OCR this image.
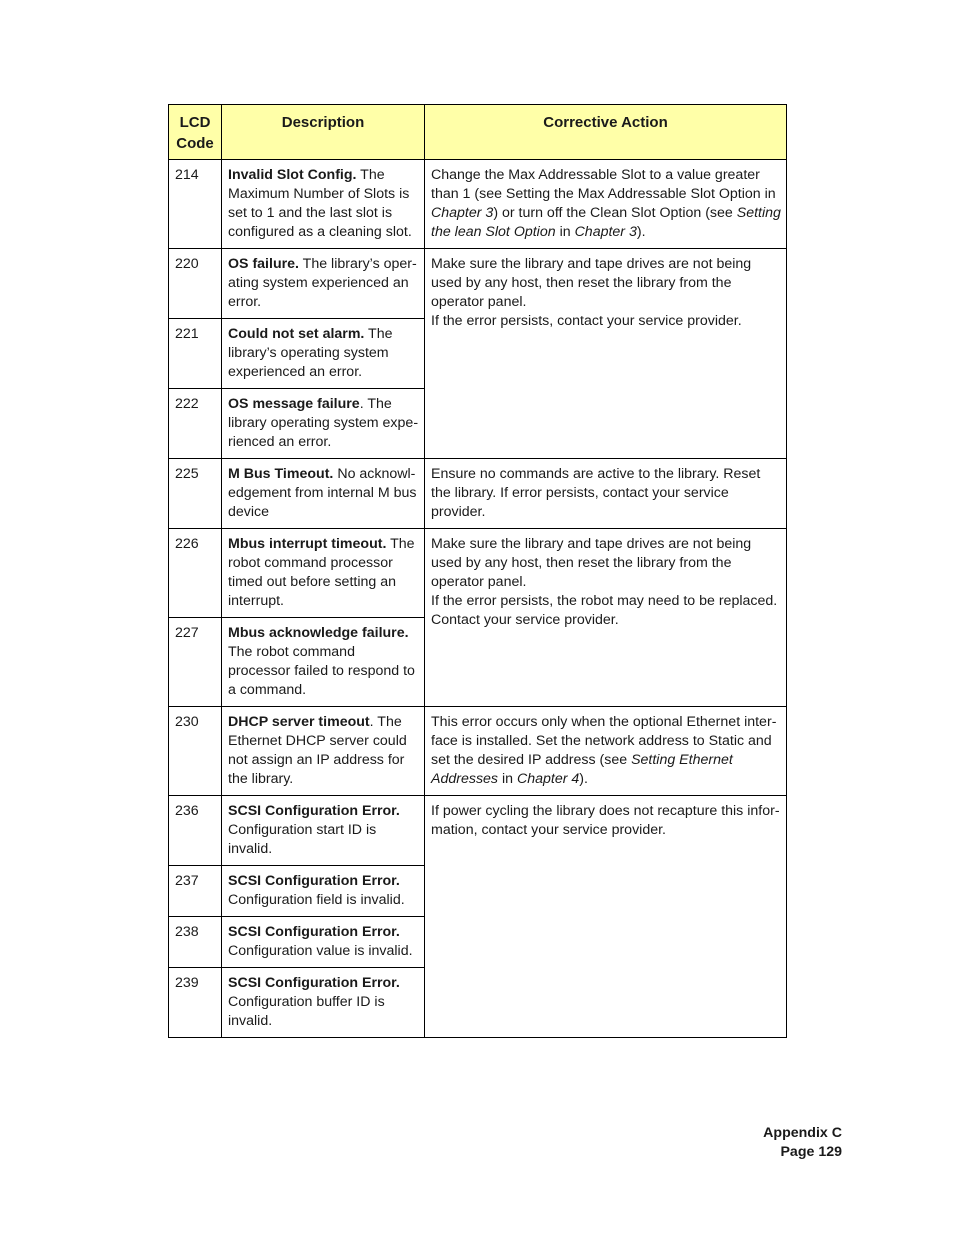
LCD
Code	Description	Corrective Action
214	Invalid Slot Config. The Maximum Number of Slots is set to 1 and the last slot is configured as a cleaning slot.	Change the Max Addressable Slot to a value greater than 1 (see Setting the Max Addressable Slot Option in Chapter 3) or turn off the Clean Slot Option (see Setting the lean Slot Option in Chapter 3).
220	OS failure. The library’s operating system experienced an error.	Make sure the library and tape drives are not being used by any host, then reset the library from the operator panel.
If the error persists, contact your service provider.

221	Could not set alarm. The library’s operating system experienced an error.	
222	OS message failure. The library operating system experienced an error.	
225	M Bus Timeout. No acknowledgement from internal M bus device	Ensure no commands are active to the library. Reset the library. If error persists, contact your service provider.
226	Mbus interrupt timeout. The robot command processor timed out before setting an interrupt.	Make sure the library and tape drives are not being used by any host, then reset the library from the operator panel.
If the error persists, the robot may need to be replaced. Contact your service provider.

227	Mbus acknowledge failure. The robot command processor failed to respond to a command.	
230	DHCP server timeout. The Ethernet DHCP server could not assign an IP address for the library.	This error occurs only when the optional Ethernet interface is installed. Set the network address to Static and set the desired IP address (see Setting Ethernet Addresses in Chapter 4).
236	SCSI Configuration Error.
Configuration start ID is invalid.	If power cycling the library does not recapture this information, contact your service provider.
237	SCSI Configuration Error.
Configuration field is invalid.	

238	SCSI Configuration Error.
Configuration value is invalid.	

239	SCSI Configuration Error.
Configuration buffer ID is invalid.	
Appendix C
Page 129
